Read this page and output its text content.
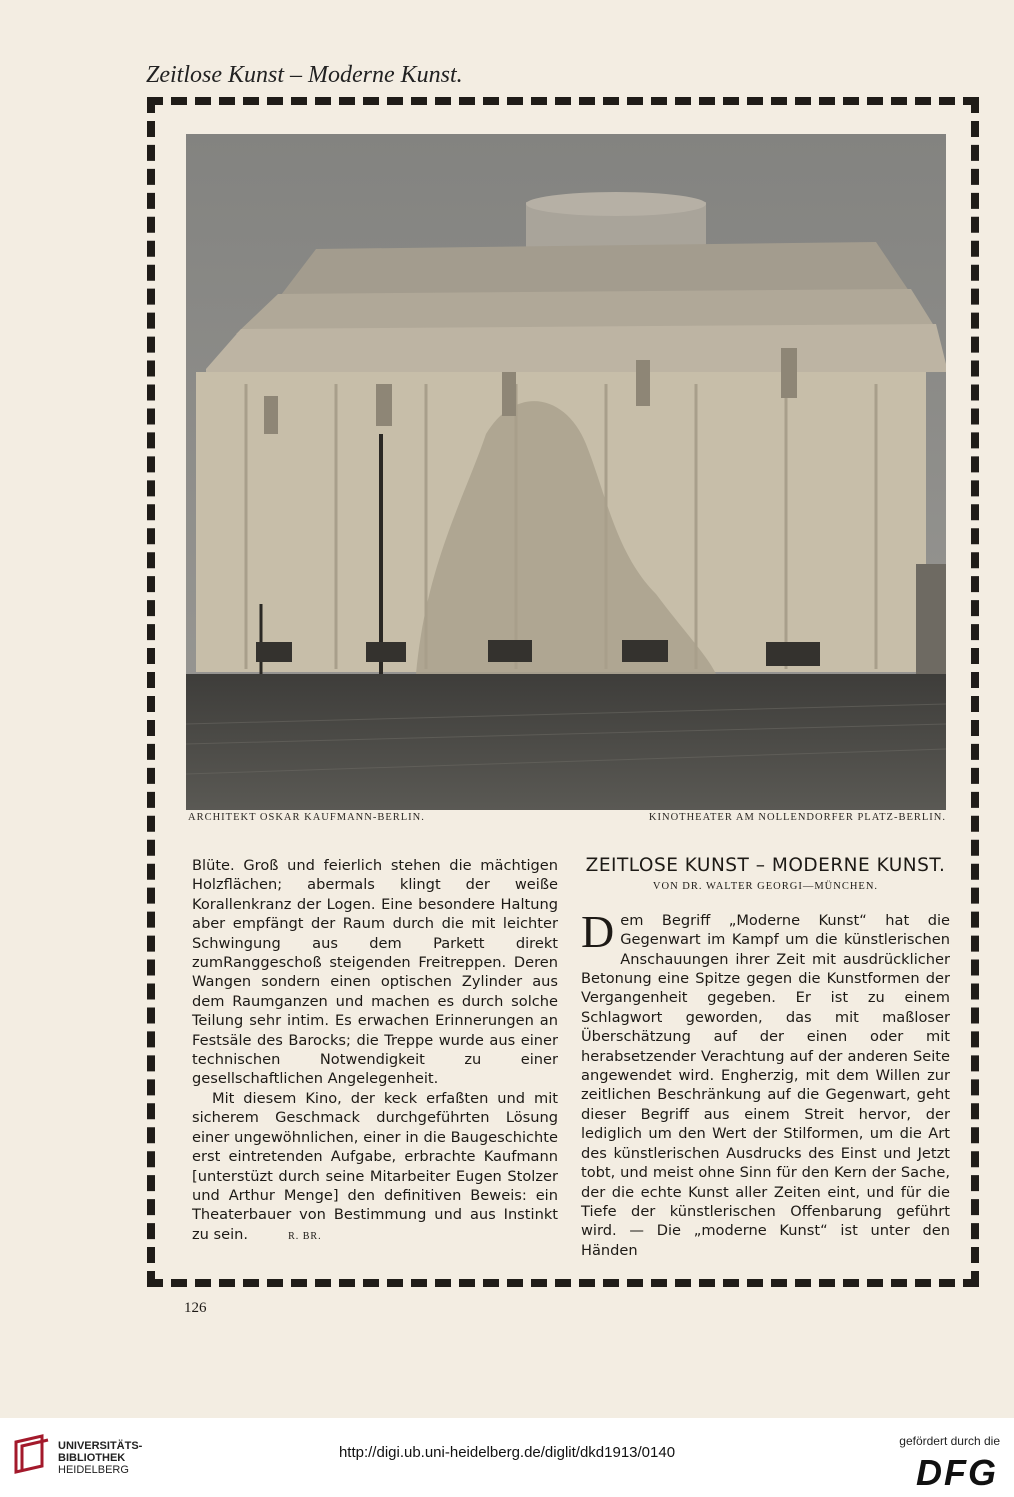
Zeitlose Kunst – Moderne Kunst.
ARCHITEKT OSKAR KAUFMANN-BERLIN.	KINOTHEATER AM NOLLENDORFER PLATZ-BERLIN.

Blüte. Groß und feierlich stehen die mächtigen Holzflächen; abermals klingt der weiße Korallenkranz der Logen. Eine besondere Haltung aber empfängt der Raum durch die mit leichter Schwingung aus dem Parkett direkt zumRanggeschoß steigenden Freitreppen. Deren Wangen sondern einen optischen Zylinder aus dem Raumganzen und machen es durch solche Teilung sehr intim. Es erwachen Erinnerungen an Festsäle des Barocks; die Treppe wurde aus einer technischen Notwendigkeit zu einer gesellschaftlichen Angelegenheit.

Mit diesem Kino, der keck erfaßten und mit sicherem Geschmack durchgeführten Lösung einer ungewöhnlichen, einer in die Baugeschichte erst eintretenden Aufgabe, erbrachte Kaufmann [unterstüzt durch seine Mitarbeiter Eugen Stolzer und Arthur Menge] den definitiven Beweis: ein Theaterbauer von Bestimmung und aus Instinkt zu sein.	R. BR.

ZEITLOSE KUNST – MODERNE KUNST.
VON DR. WALTER GEORGI—MÜNCHEN.

Dem Begriff „Moderne Kunst“ hat die Gegenwart im Kampf um die künstlerischen Anschauungen ihrer Zeit mit ausdrücklicher Betonung eine Spitze gegen die Kunstformen der Vergangenheit gegeben. Er ist zu einem Schlagwort geworden, das mit maßloser Überschätzung auf der einen oder mit herabsetzender Verachtung auf der anderen Seite angewendet wird. Engherzig, mit dem Willen zur zeitlichen Beschränkung auf die Gegenwart, geht dieser Begriff aus einem Streit hervor, der lediglich um den Wert der Stilformen, um die Art des künstlerischen Ausdrucks des Einst und Jetzt tobt, und meist ohne Sinn für den Kern der Sache, der die echte Kunst aller Zeiten eint, und für die Tiefe der künstlerischen Offenbarung geführt wird. — Die „moderne Kunst“ ist unter den Händen

126
UNIVERSITÄTS-
BIBLIOTHEK
HEIDELBERG
http://digi.ub.uni-heidelberg.de/diglit/dkd1913/0140
gefördert durch die
DFG
